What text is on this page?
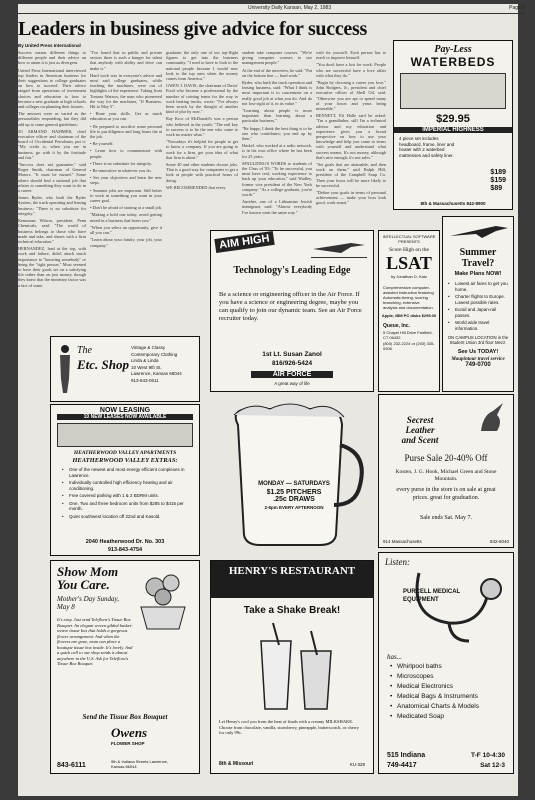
University Daily Kansan, May 2, 1983	Page 5
Leaders in business give advice for success
By United Press International

Success means different things to different people and their advice on how to attain it is just as divergent.

United Press International interviewed top leaders in American business for their suggestions to college graduates on how to succeed. Their advice ranged from operations of investment choices and education to how to become a new graduate at high schools and colleges on planning their futures.

The answers were as varied as the personalities responding, but they did add up to some general guidelines:

JO ARMAND HAMMER, chief executive officer and chairman of the board of Occidental Petroleum, put it: "My credo is, when you are in business, go with it by the fortitude and fair."

"Success does not guarantee," said Roger Smith, chairman of General Motors. "It must be earned." Some others should find a national job that relates to something they want to do in a career.

James Ryder, who built the Ryder System, the truck operating and leasing business: "There is no substitute for integrity."

Kemmons Wilson, president, Penn Chemicals, said: "The world of business belongs to those who have made and take, and shares with a firm technical education."

HERNANDEZ, lead at the top, with work and failure, didn't attach much importance to "knowing somebody" or being the "right person." Most seemed to have their goals set on a satisfying life rather than on just money, though they knew that the monetary factor was a fact of some.

"I've found that in public and private sectors there is such a hunger for talent that anybody with ability and drive can make it."

Hard work was in everyone's advice and most said college graduates, while teaching the machines, were out of highlights of the experience. Taking from Tomasz Watson, the man who pioneered the way for the machines, "If Business. Hit to May 5".

• Hone your skills. Get as much education as you can.

• Be prepared to sacrifice some personal life to put diligence and long hours the at the job.

• Be yourself.

• Learn how to communicate with people.

• There is no substitute for integrity.

• Be innovative in whatever you do.

• Set your objectives and learn the new steps.

• Summer jobs are important. Still better to work in something you want in your career goal.

• Don't be afraid of starting at a small job.

"Making a bold one today, avoid getting mired in a business that bores you."

"When you select an opportunity, give it all you can."

"Learn about your family, your job, your company."

graduate: the only one of our top-flight figures to get into the business community. "I used to have to look to the national people because I would now look to the top ones when the money comes from America."

GWEN J. DAVIS, the chairman of Davis' Food who became a professional by the number of coining terms for the way to work beating trucks, wrote: "I've always been struck by the thought of another kind of plot by now."

Ray Kroc of McDonald's was a person who believed in the youth: "The real key to success is to be the one who came to work no matter what."

"Nowadays it's helpful for people to get to know a company. If you are going to work for a firm, get your idea of what that firm is about."

Some 40 and other students choose jobs. That is a good way for companies to get a look at people with practical hours of doing.

WE RECOMMENDED that every

student take computer courses. "We're giving computer courses to our management people."

At the end of the interview, he said: "Put on the bottom line — hard work."

Ryder, who built the truck operation and leasing business, said: "What I think is most important is to concentrate on a really good job at what you do. And do not lose sight of it, in its value."

"Learning about people is more important than learning about a particular business."

"Be happy, I think the best thing is to be one who contributes; you end up by then."

Haskel, who worked at a radio network, is in his own office where he has been for 25 years.

SPAULDING'S WORDS to students of the Class of '83: "To be successful, you must have real, working experience to back up your education," said Wadley, former vice president of the New York company. "As a college graduate, you're worth."

Another, one of a Lithuanian Jewish immigrant, said: "Almost everybody I've known went the same way."

with for yourself. Each person has to reach to improve himself.

"You don't have a lost for work. People who are successful have a love affair with what they do."

"Begin by choosing a career you love," John Rodgers, Jr., president and chief executive officer of Shell Oil, said. "Otherwise you are apt to spend many of your hours and years being miserable."

BENNETT, Eli Halle said he asked: "I'm a grandfather, still I'm a technical advisor and my education and experience gives you a broad perspective on how to use your knowledge and help you come to terms with yourself and understand what success means. It's not money, although that's nice enough; it's not sales."

"Set goals that are attainable, and then work on them," said Ralph Hill, president of the Campbell Soup Co. Then your focus will be more likely to be successful.

"Define your goals in terms of personal achievement — make your boss look good, work smart."

Pay-Less
WATERBEDS
$29.95
IMPERIAL HIGHNESS
4 piece set includes headboard, frame, liner and heater with 2 waterbed mattresses and safety liner.
$189
$159
$89
8th & Massachusetts 842-8900
AIM HIGH
Technology's Leading Edge
Be a science or engineering officer in the Air Force. If you have a science or engineering degree, maybe you can qualify to join our dynamic team. See an Air Force recruiter today.
1st Lt. Susan Zanol
816/926-5424
AIR FORCE
A great way of life
INTELLECTUAL SOFTWARE PRESENTS
Score High on the
LSAT
by Jonathan D. Katz
Comprehensive computer-assisted instruction featuring Automatic-timing, scoring branching, extensive analysis and documentation.
Apple, IBM PC disks $295.00
Queue, Inc.
5 Chapel Hill Drive Fairfield, CT 06432
(800) 232-2224 or (203) 335-0906
Summer Travel?
Make Plans NOW!
• Lowest air fares to get you home.
• Charter flights to Europe. Lowest possible rates.
• Eurail and Japan-rail passes.
• World wide travel information.
ON CAMPUS LOCATION in the Student Union 3rd floor Mezz.
See Us TODAY!
Maupintour travel service
749-0700
The
Etc. Shop
Vintage & Classy
Contemporary Clothing
Linda & Linda
10 West 9th St.
Lawrence, Kansas 66044
913-843-0611
NOW LEASING
10 NEW LEASES NOW AVAILABLE
HEATHERWOOD VALLEY APARTMENTS
HEATHERWOOD VALLEY EXTRAS:
• One of the newest and most energy efficient complexes in Lawrence.
• Individually controlled high efficiency heating and air conditioning.
• Free covered parking with 1 & 2 BDRM units.
• One, Two and three bedroom units from $285 to $415 per month.
• Quiet southwest location off 22nd and Kasold.
2040 Heatherwood Dr. No. 303
913-843-4754
MONDAY — SATURDAYS
$1.25 PITCHERS
.25c DRAWS
2-6pm EVERY AFTERNOON
Secrest
Leather
and Scent
Purse Sale 20-40% Off
Kosten, J. G. Hook, Michael Green and Stone Mountain.
every purse in the store is on sale at great prices. great for graduation.
Sale ends Sat. May 7.
914 Massachusetts	842-6040
Show Mom You Care.
Mother's Day Sunday, May 8
It's easy. Just send Teleflora's Tissue Box Bouquet. An elegant woven gilded basket-weave tissue box that holds a gorgeous flower arrangement. And when the flowers are gone, mom can place a boutique tissue box inside. It's lovely. And a quick call to our shop sends it almost anywhere in the U.S. Ask for Teleflora's Tissue Box Bouquet.
Send the Tissue Box Bouquet
Owens
FLOWER SHOP
843-6111
9th & Indiana Streets Lawrence, Kansas 66044
HENRY'S RESTAURANT
Take a Shake Break!
Let Henry's cool you from the heat of finals with a creamy MILKSHAKE. Choose from chocolate, vanilla, strawberry, pineapple, butterscotch, or cherry for only 99c.
8th & Missouri	KU-329
Listen:
PURCELL MEDICAL EQUIPMENT
has...
• Whirlpool baths
• Microscopes
• Medical Electronics
• Medical Bags & Instruments
• Anatomical Charts & Models
• Medicated Soap
515 Indiana
749-4417
T-F 10-4:30
Sat 12-3
